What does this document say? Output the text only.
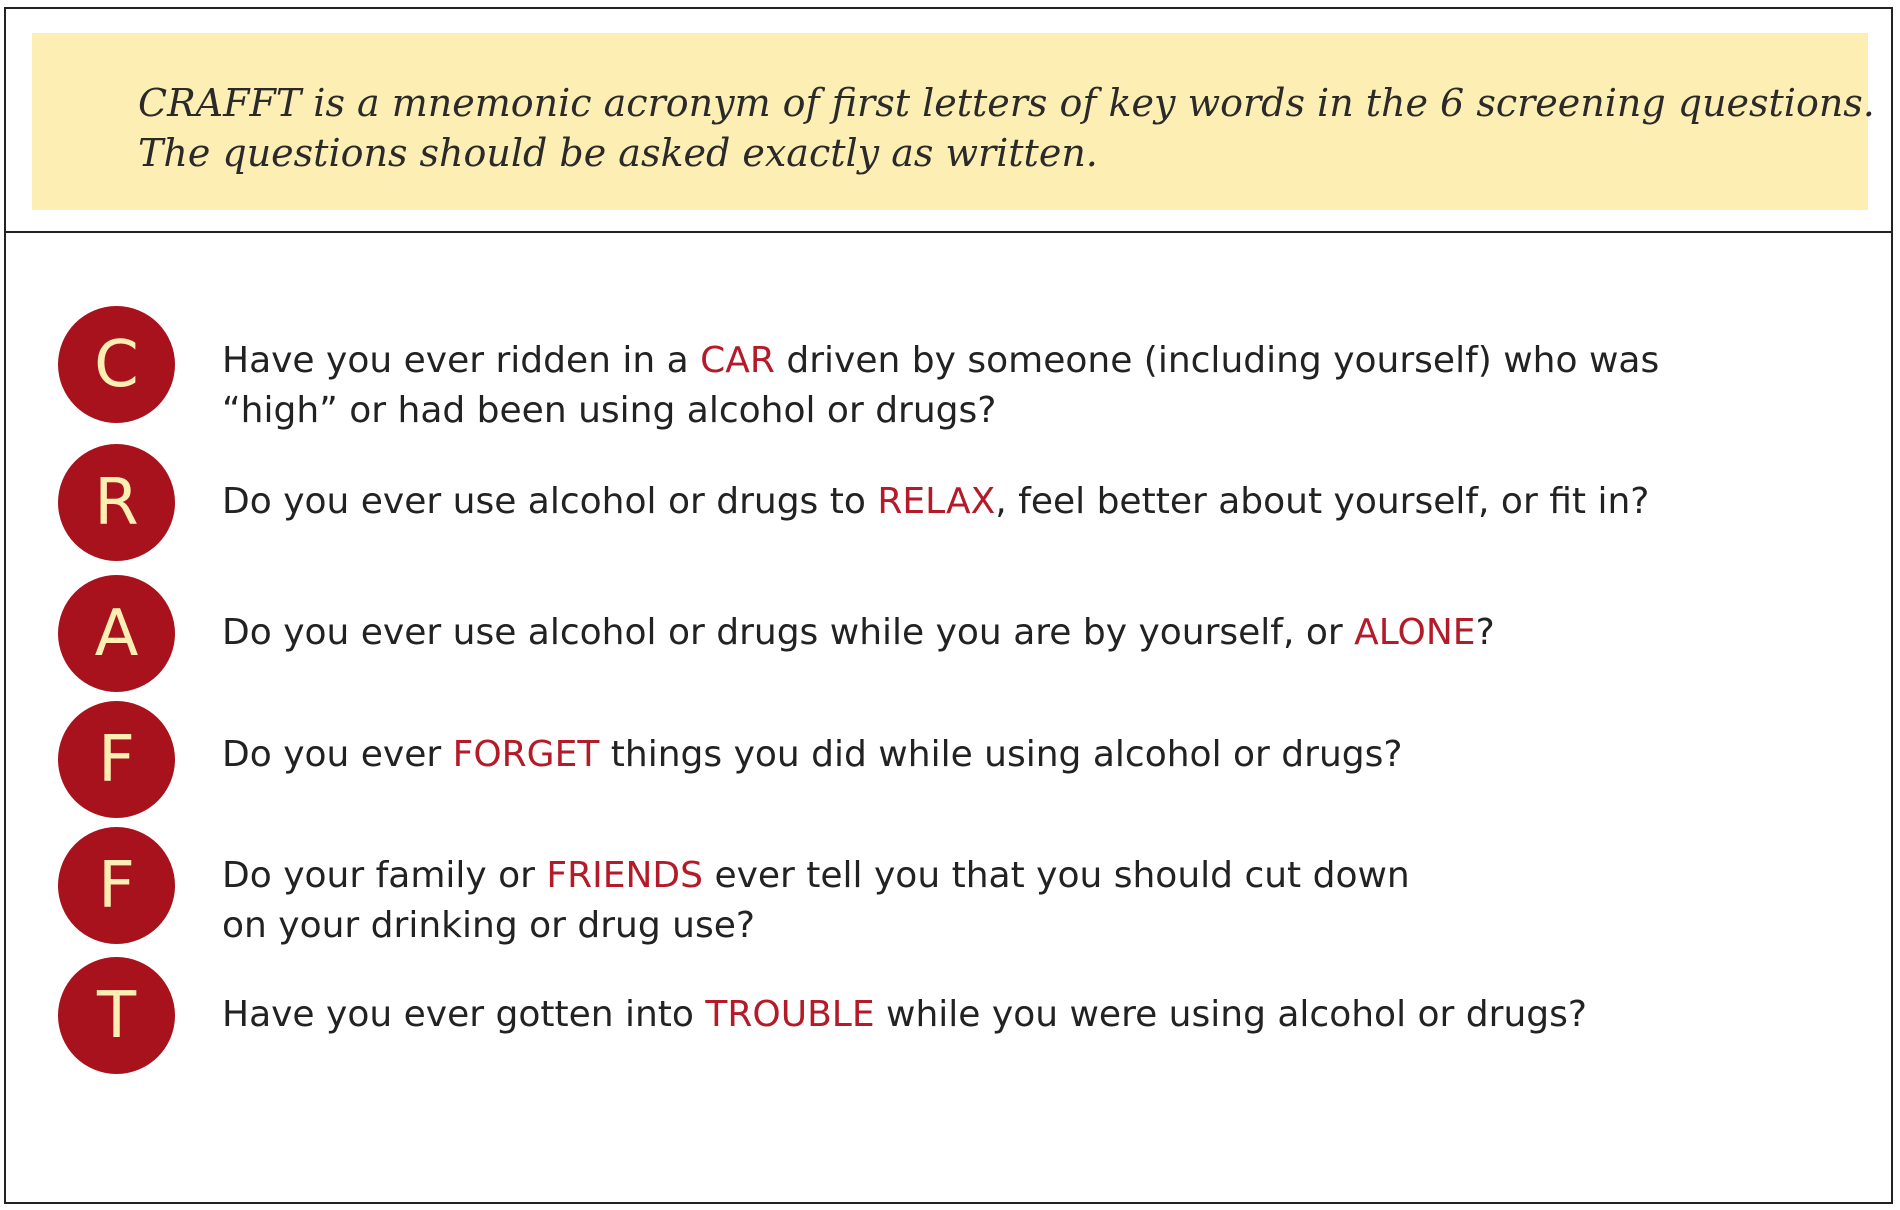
CRAFFT is a mnemonic acronym of first letters of key words in the 6 screening questions.
The questions should be asked exactly as written.
C	Have you ever ridden in a CAR driven by someone (including yourself) who was
“high” or had been using alcohol or drugs?
R	Do you ever use alcohol or drugs to RELAX, feel better about yourself, or fit in?
A	Do you ever use alcohol or drugs while you are by yourself, or ALONE?
F	Do you ever FORGET things you did while using alcohol or drugs?
F	Do your family or FRIENDS ever tell you that you should cut down
on your drinking or drug use?
T	Have you ever gotten into TROUBLE while you were using alcohol or drugs?
